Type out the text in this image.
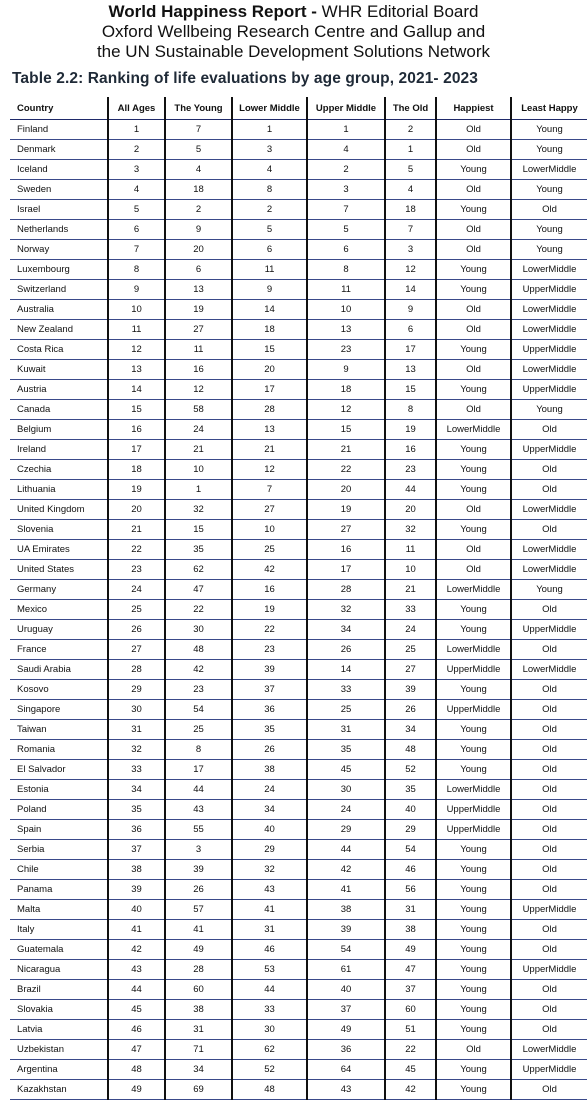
World Happiness Report - WHR Editorial Board
Oxford Wellbeing Research Centre and Gallup and
the UN Sustainable Development Solutions Network
Table 2.2: Ranking of life evaluations by age group, 2021- 2023
Country	All Ages	The Young	Lower Middle	Upper Middle	The Old	Happiest	Least Happy
Finland	1	7	1	1	2	Old	Young
Denmark	2	5	3	4	1	Old	Young
Iceland	3	4	4	2	5	Young	LowerMiddle
Sweden	4	18	8	3	4	Old	Young
Israel	5	2	2	7	18	Young	Old
Netherlands	6	9	5	5	7	Old	Young
Norway	7	20	6	6	3	Old	Young
Luxembourg	8	6	11	8	12	Young	LowerMiddle
Switzerland	9	13	9	11	14	Young	UpperMiddle
Australia	10	19	14	10	9	Old	LowerMiddle
New Zealand	11	27	18	13	6	Old	LowerMiddle
Costa Rica	12	11	15	23	17	Young	UpperMiddle
Kuwait	13	16	20	9	13	Old	LowerMiddle
Austria	14	12	17	18	15	Young	UpperMiddle
Canada	15	58	28	12	8	Old	Young
Belgium	16	24	13	15	19	LowerMiddle	Old
Ireland	17	21	21	21	16	Young	UpperMiddle
Czechia	18	10	12	22	23	Young	Old
Lithuania	19	1	7	20	44	Young	Old
United Kingdom	20	32	27	19	20	Old	LowerMiddle
Slovenia	21	15	10	27	32	Young	Old
UA Emirates	22	35	25	16	11	Old	LowerMiddle
United States	23	62	42	17	10	Old	LowerMiddle
Germany	24	47	16	28	21	LowerMiddle	Young
Mexico	25	22	19	32	33	Young	Old
Uruguay	26	30	22	34	24	Young	UpperMiddle
France	27	48	23	26	25	LowerMiddle	Old
Saudi Arabia	28	42	39	14	27	UpperMiddle	LowerMiddle
Kosovo	29	23	37	33	39	Young	Old
Singapore	30	54	36	25	26	UpperMiddle	Old
Taiwan	31	25	35	31	34	Young	Old
Romania	32	8	26	35	48	Young	Old
El Salvador	33	17	38	45	52	Young	Old
Estonia	34	44	24	30	35	LowerMiddle	Old
Poland	35	43	34	24	40	UpperMiddle	Old
Spain	36	55	40	29	29	UpperMiddle	Old
Serbia	37	3	29	44	54	Young	Old
Chile	38	39	32	42	46	Young	Old
Panama	39	26	43	41	56	Young	Old
Malta	40	57	41	38	31	Young	UpperMiddle
Italy	41	41	31	39	38	Young	Old
Guatemala	42	49	46	54	49	Young	Old
Nicaragua	43	28	53	61	47	Young	UpperMiddle
Brazil	44	60	44	40	37	Young	Old
Slovakia	45	38	33	37	60	Young	Old
Latvia	46	31	30	49	51	Young	Old
Uzbekistan	47	71	62	36	22	Old	LowerMiddle
Argentina	48	34	52	64	45	Young	UpperMiddle
Kazakhstan	49	69	48	43	42	Young	Old
